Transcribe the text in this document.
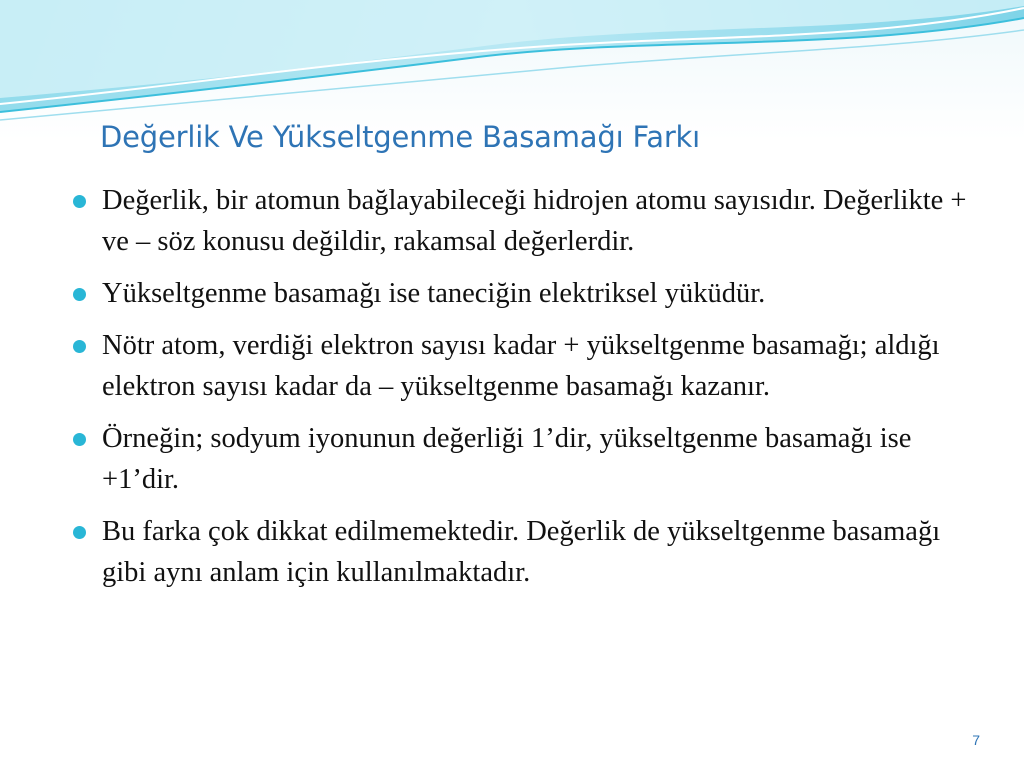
Değerlik Ve Yükseltgenme Basamağı Farkı
Değerlik, bir atomun bağlayabileceği hidrojen atomu sayısıdır. Değerlikte + ve – söz konusu değildir, rakamsal değerlerdir.
Yükseltgenme basamağı ise taneciğin elektriksel yüküdür.
Nötr atom, verdiği elektron sayısı kadar + yükseltgenme basamağı; aldığı elektron sayısı kadar da – yükseltgenme basamağı kazanır.
Örneğin; sodyum iyonunun değerliği 1’dir, yükseltgenme basamağı ise +1’dir.
Bu farka çok dikkat edilmemektedir. Değerlik de yükseltgenme basamağı gibi aynı anlam için kullanılmaktadır.
7
